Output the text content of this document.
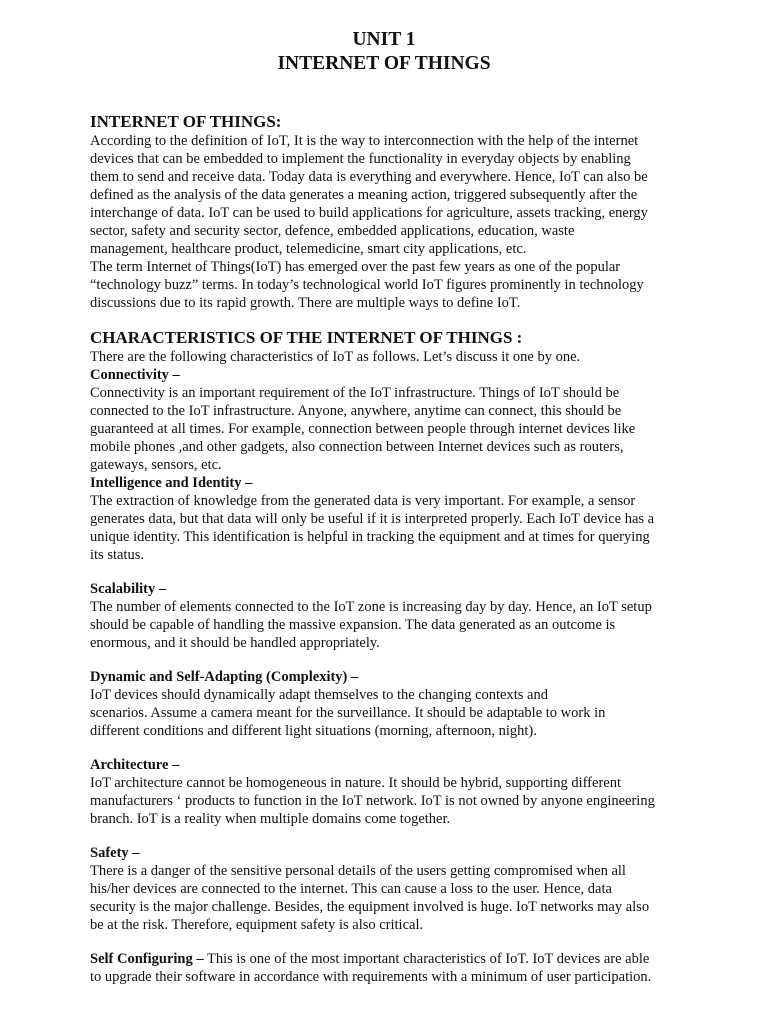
UNIT 1

INTERNET OF THINGS

INTERNET OF THINGS:

According to the definition of IoT, It is the way to interconnection with the help of the internet
devices that can be embedded to implement the functionality in everyday objects by enabling
them to send and receive data. Today data is everything and everywhere. Hence, IoT can also be
defined as the analysis of the data generates a meaning action, triggered subsequently after the
interchange of data. IoT can be used to build applications for agriculture, assets tracking, energy
sector, safety and security sector, defence, embedded applications, education, waste
management, healthcare product, telemedicine, smart city applications, etc.
The term Internet of Things(IoT) has emerged over the past few years as one of the popular
“technology buzz” terms. In today’s technological world IoT figures prominently in technology
discussions due to its rapid growth. There are multiple ways to define IoT.

CHARACTERISTICS OF THE INTERNET OF THINGS :

There are the following characteristics of IoT as follows. Let’s discuss it one by one.

Connectivity –

Connectivity is an important requirement of the IoT infrastructure. Things of IoT should be
connected to the IoT infrastructure. Anyone, anywhere, anytime can connect, this should be
guaranteed at all times. For example, connection between people through internet devices like
mobile phones ,and other gadgets, also connection between Internet devices such as routers,
gateways, sensors, etc.

Intelligence and Identity –

The extraction of knowledge from the generated data is very important. For example, a sensor
generates data, but that data will only be useful if it is interpreted properly. Each IoT device has a
unique identity. This identification is helpful in tracking the equipment and at times for querying
its status.

Scalability –

The number of elements connected to the IoT zone is increasing day by day. Hence, an IoT setup
should be capable of handling the massive expansion. The data generated as an outcome is
enormous, and it should be handled appropriately.

Dynamic and Self-Adapting (Complexity) –

IoT devices should dynamically adapt themselves to the changing contexts and
scenarios. Assume a camera meant for the surveillance. It should be adaptable to work in
different conditions and different light situations (morning, afternoon, night).

Architecture –

IoT architecture cannot be homogeneous in nature. It should be hybrid, supporting different
manufacturers ‘ products to function in the IoT network. IoT is not owned by anyone engineering
branch. IoT is a reality when multiple domains come together.

Safety –

There is a danger of the sensitive personal details of the users getting compromised when all
his/her devices are connected to the internet. This can cause a loss to the user. Hence, data
security is the major challenge. Besides, the equipment involved is huge. IoT networks may also
be at the risk. Therefore, equipment safety is also critical.
Self Configuring – This is one of the most important characteristics of IoT. IoT devices are able
to upgrade their software in accordance with requirements with a minimum of user participation.
